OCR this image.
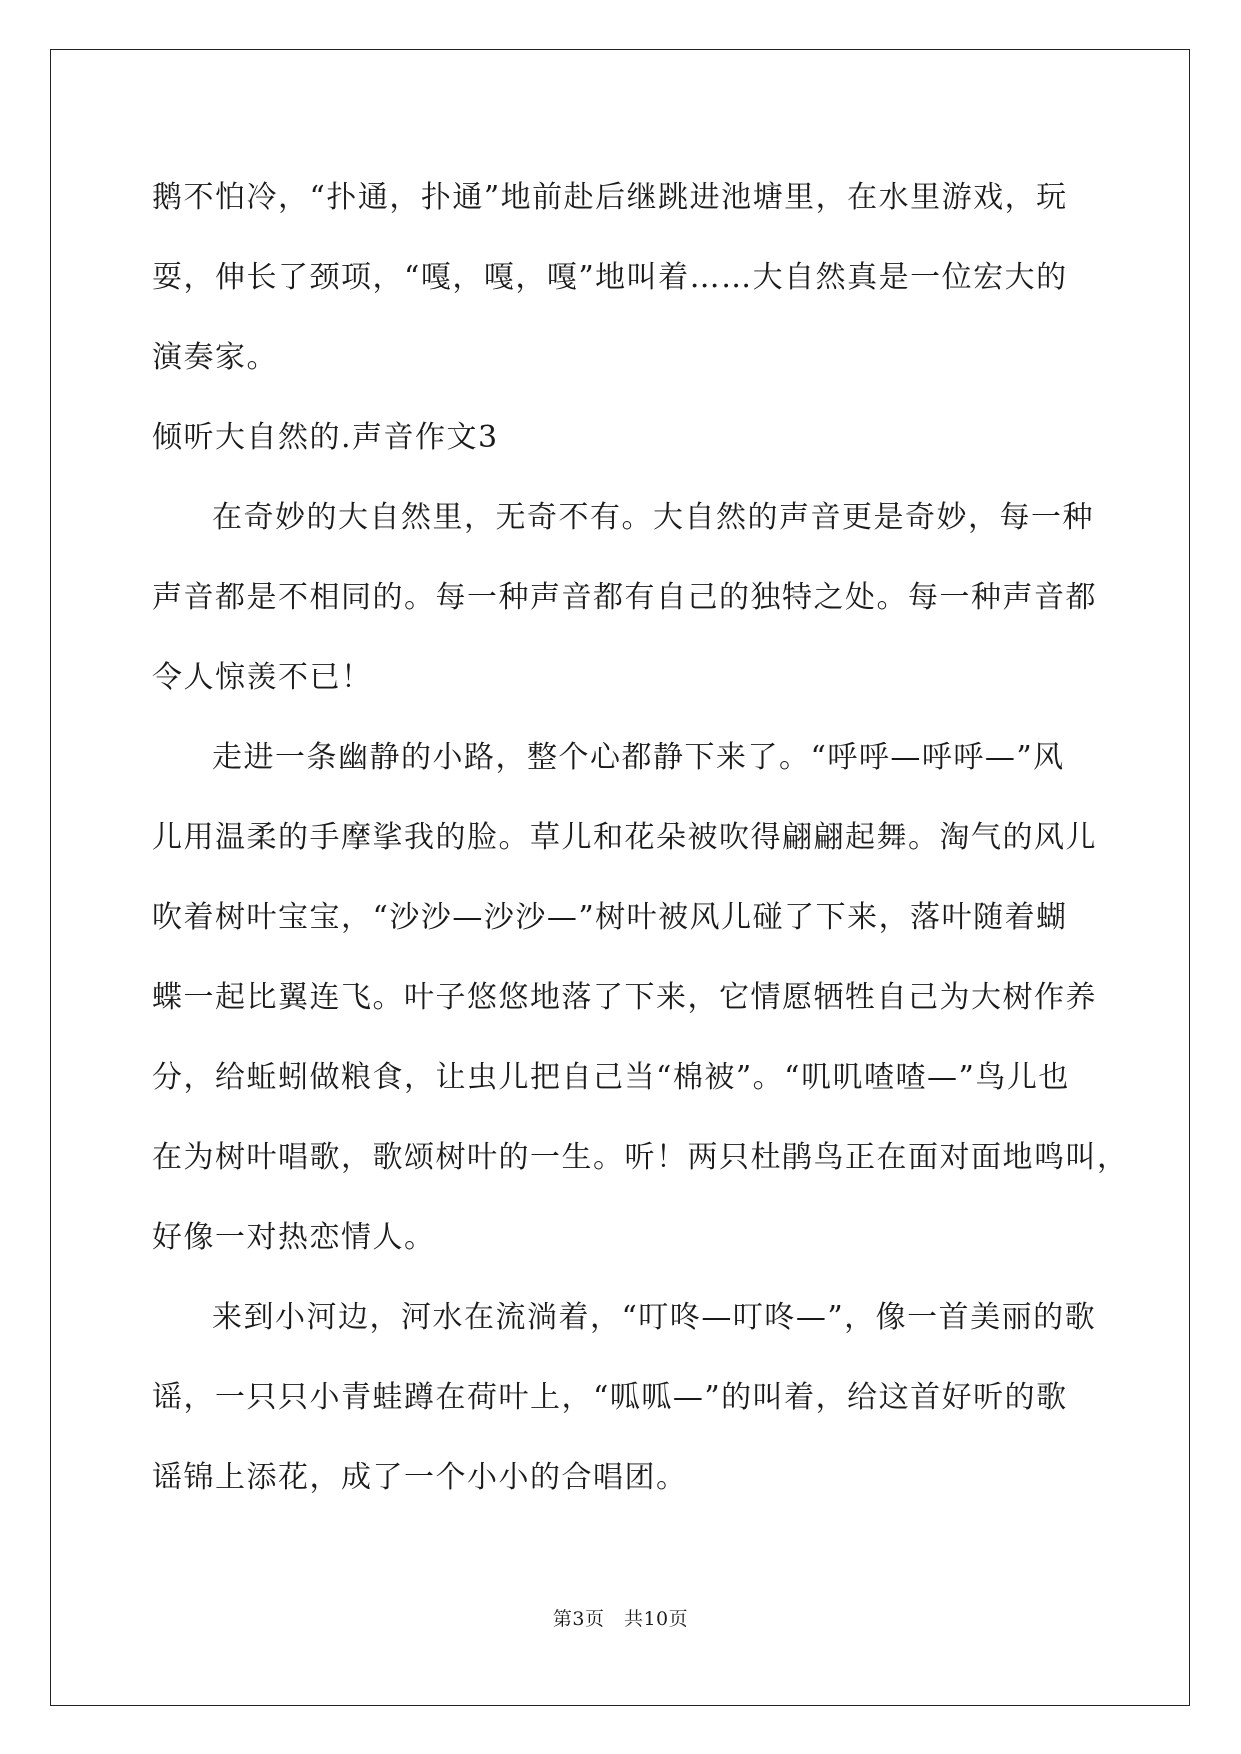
鹅不怕冷，“扑通，扑通”地前赴后继跳进池塘里，在水里游戏，玩
耍，伸长了颈项，“嘎，嘎，嘎”地叫着……大自然真是一位宏大的
演奏家。
倾听大自然的.声音作文3
在奇妙的大自然里，无奇不有。大自然的声音更是奇妙，每一种
声音都是不相同的。每一种声音都有自己的独特之处。每一种声音都
令人惊羡不已！
走进一条幽静的小路，整个心都静下来了。“呼呼—呼呼—”风
儿用温柔的手摩挲我的脸。草儿和花朵被吹得翩翩起舞。淘气的风儿
吹着树叶宝宝，“沙沙—沙沙—”树叶被风儿碰了下来，落叶随着蝴
蝶一起比翼连飞。叶子悠悠地落了下来，它情愿牺牲自己为大树作养
分，给蚯蚓做粮食，让虫儿把自己当“棉被”。“叽叽喳喳—”鸟儿也
在为树叶唱歌，歌颂树叶的一生。听！两只杜鹃鸟正在面对面地鸣叫，
好像一对热恋情人。
来到小河边，河水在流淌着，“叮咚—叮咚—”，像一首美丽的歌
谣，一只只小青蛙蹲在荷叶上，“呱呱—”的叫着，给这首好听的歌
谣锦上添花，成了一个小小的合唱团。
第3页　共10页
